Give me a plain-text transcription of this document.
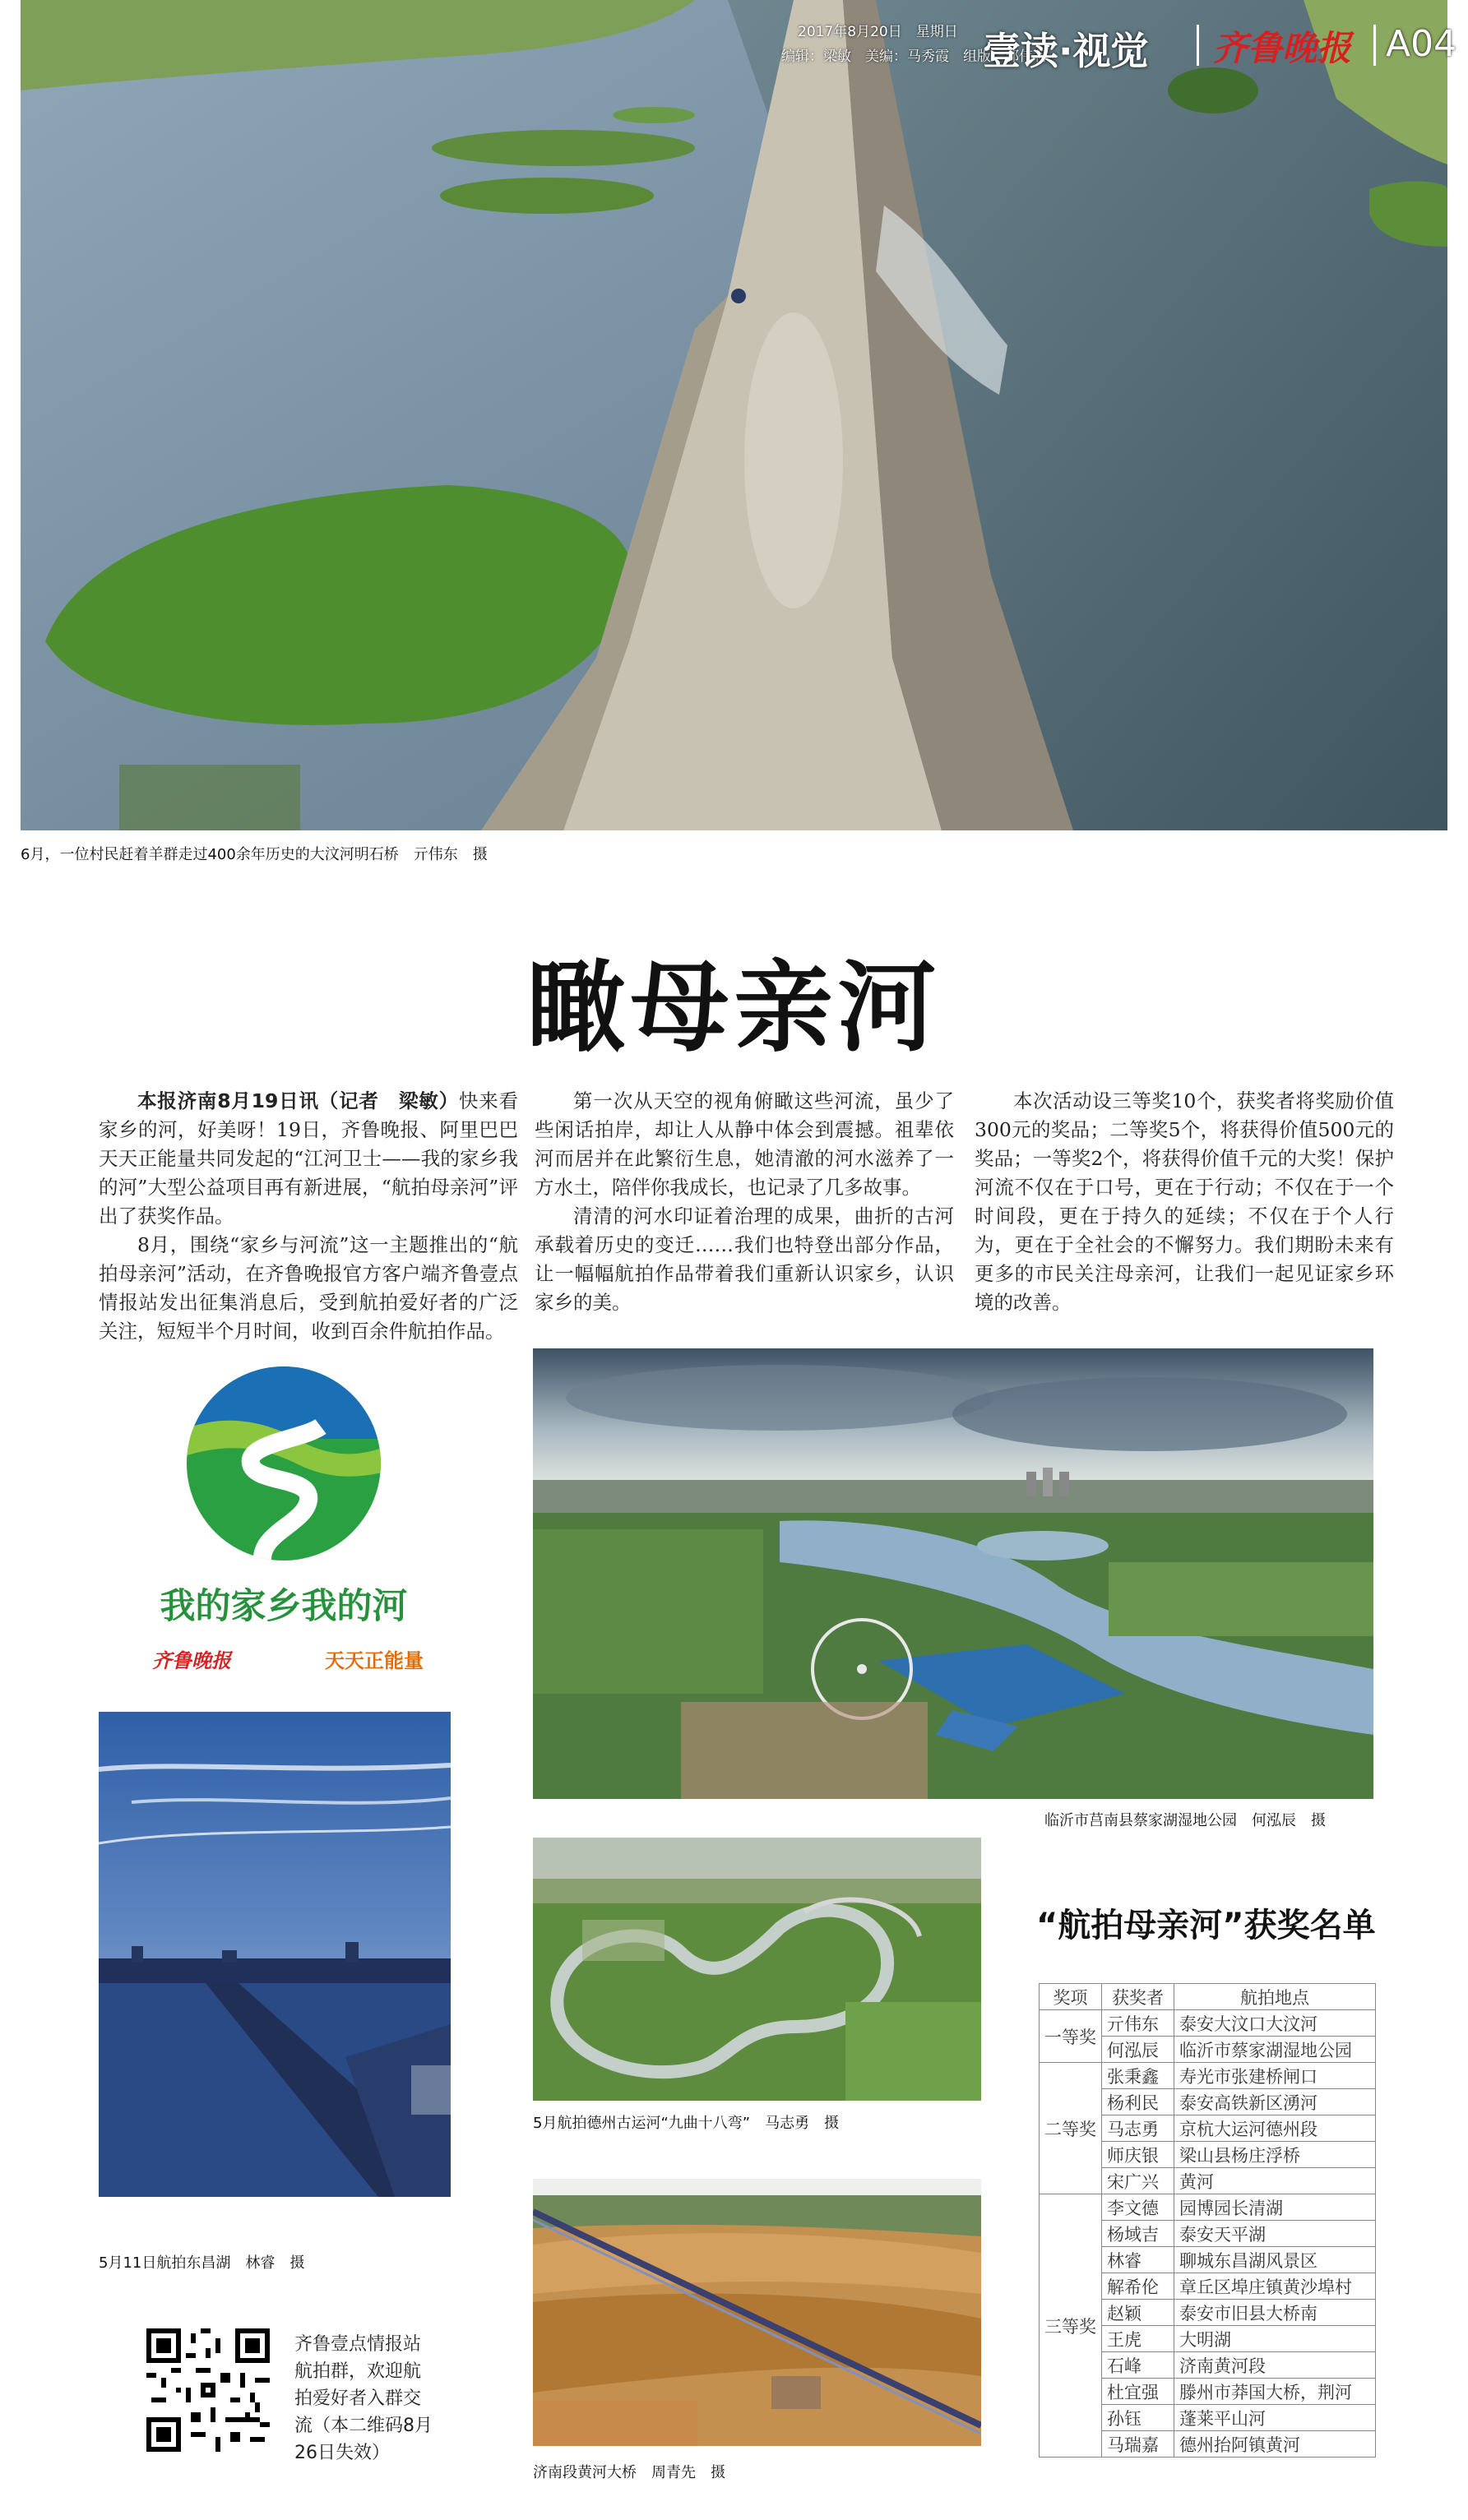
2017年8月20日　星期日
编辑：梁敏　美编：马秀霞　组版：郭伟莉
壹读·视觉 齐鲁晚报 A04
6月，一位村民赶着羊群走过400余年历史的大汶河明石桥　亓伟东　摄
瞰母亲河

本报济南8月19日讯（记者　梁敏）快来看家乡的河，好美呀！19日，齐鲁晚报、阿里巴巴天天正能量共同发起的“江河卫士——我的家乡我的河”大型公益项目再有新进展，“航拍母亲河”评出了获奖作品。

8月，围绕“家乡与河流”这一主题推出的“航拍母亲河”活动，在齐鲁晚报官方客户端齐鲁壹点情报站发出征集消息后，受到航拍爱好者的广泛关注，短短半个月时间，收到百余件航拍作品。

第一次从天空的视角俯瞰这些河流，虽少了些闲话拍岸，却让人从静中体会到震撼。祖辈依河而居并在此繁衍生息，她清澈的河水滋养了一方水土，陪伴你我成长，也记录了几多故事。

清清的河水印证着治理的成果，曲折的古河承载着历史的变迁……我们也特登出部分作品，让一幅幅航拍作品带着我们重新认识家乡，认识家乡的美。

本次活动设三等奖10个，获奖者将奖励价值300元的奖品；二等奖5个，将获得价值500元的奖品；一等奖2个，将获得价值千元的大奖！保护河流不仅在于口号，更在于行动；不仅在于一个时间段，更在于持久的延续；不仅在于个人行为，更在于全社会的不懈努力。我们期盼未来有更多的市民关注母亲河，让我们一起见证家乡环境的改善。

我的家乡我的河
齐鲁晚报	天天正能量
临沂市莒南县蔡家湖湿地公园　何泓辰　摄
5月航拍德州古运河“九曲十八弯”　马志勇　摄
5月11日航拍东昌湖　林睿　摄
济南段黄河大桥　周青先　摄
“航拍母亲河”获奖名单
奖项	获奖者	航拍地点
一等奖	亓伟东	泰安大汶口大汶河
	何泓辰	临沂市蔡家湖湿地公园
二等奖	张秉鑫	寿光市张建桥闸口
	杨利民	泰安高铁新区湧河
	马志勇	京杭大运河德州段
	师庆银	梁山县杨庄浮桥
	宋广兴	黄河
三等奖	李文德	园博园长清湖
	杨域吉	泰安天平湖
	林睿	聊城东昌湖风景区
	解希伦	章丘区埠庄镇黄沙埠村
	赵颖	泰安市旧县大桥南
	王虎	大明湖
	石峰	济南黄河段
	杜宜强	滕州市莽国大桥，荆河
	孙钰	蓬莱平山河
	马瑞嘉	德州抬阿镇黄河
齐鲁壹点情报站航拍群，欢迎航拍爱好者入群交流（本二维码8月26日失效）
